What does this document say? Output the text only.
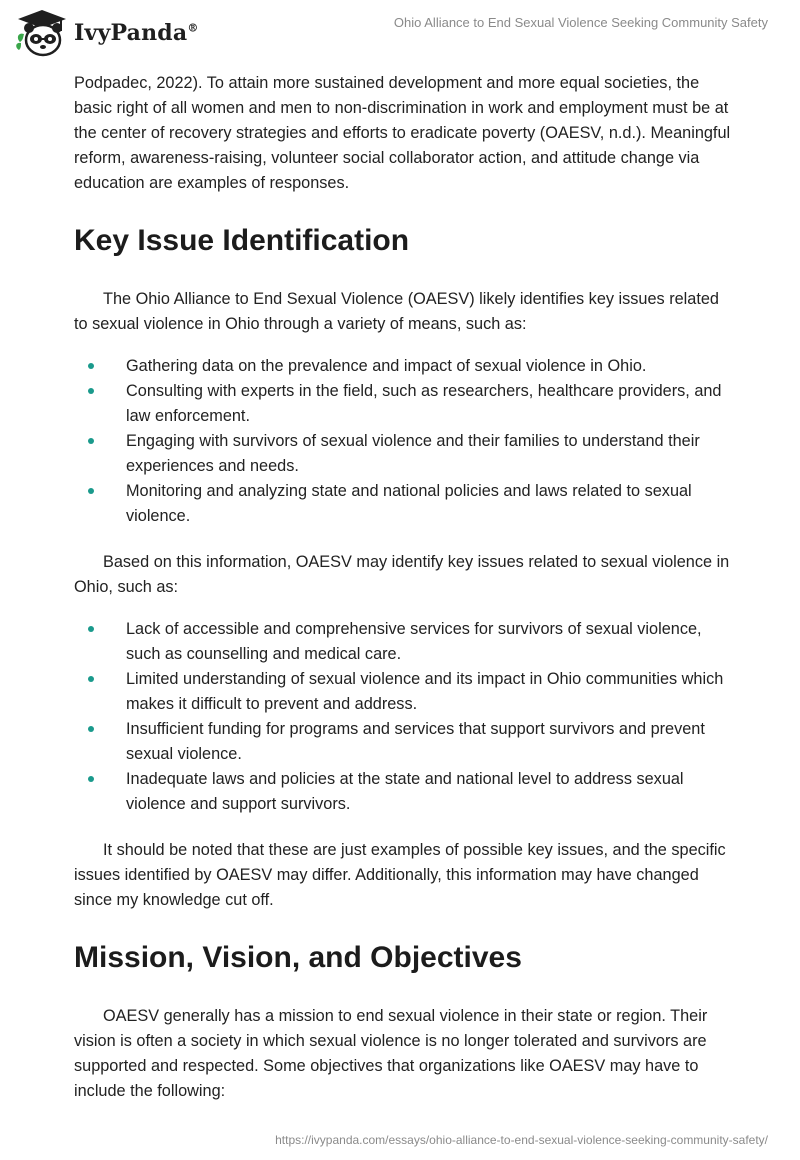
IvyPanda®	Ohio Alliance to End Sexual Violence Seeking Community Safety

Podpadec, 2022). To attain more sustained development and more equal societies, the basic right of all women and men to non-discrimination in work and employment must be at the center of recovery strategies and efforts to eradicate poverty (OAESV, n.d.). Meaningful reform, awareness-raising, volunteer social collaborator action, and attitude change via education are examples of responses.

Key Issue Identification

The Ohio Alliance to End Sexual Violence (OAESV) likely identifies key issues related to sexual violence in Ohio through a variety of means, such as:

Gathering data on the prevalence and impact of sexual violence in Ohio.
Consulting with experts in the field, such as researchers, healthcare providers, and law enforcement.
Engaging with survivors of sexual violence and their families to understand their experiences and needs.
Monitoring and analyzing state and national policies and laws related to sexual violence.

Based on this information, OAESV may identify key issues related to sexual violence in Ohio, such as:

Lack of accessible and comprehensive services for survivors of sexual violence, such as counselling and medical care.
Limited understanding of sexual violence and its impact in Ohio communities which makes it difficult to prevent and address.
Insufficient funding for programs and services that support survivors and prevent sexual violence.
Inadequate laws and policies at the state and national level to address sexual violence and support survivors.

It should be noted that these are just examples of possible key issues, and the specific issues identified by OAESV may differ. Additionally, this information may have changed since my knowledge cut off.

Mission, Vision, and Objectives

OAESV generally has a mission to end sexual violence in their state or region. Their vision is often a society in which sexual violence is no longer tolerated and survivors are supported and respected. Some objectives that organizations like OAESV may have to include the following:

https://ivypanda.com/essays/ohio-alliance-to-end-sexual-violence-seeking-community-safety/
